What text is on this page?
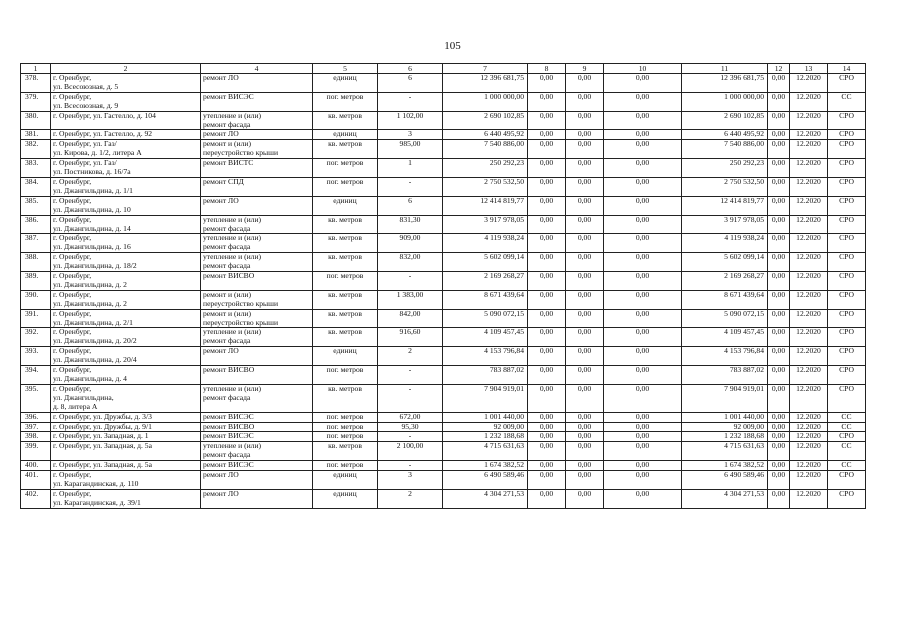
105
1	2	4	5	6	7	8	9	10	11	12	13	14
378.	г. Оренбург,
ул. Всесоюзная, д. 5	ремонт ЛО	единиц	6	12 396 681,75	0,00	0,00	0,00	12 396 681,75	0,00	12.2020	СРО
379.	г. Оренбург,
ул. Всесоюзная, д. 9	ремонт ВИСЭС	пог. метров	-	1 000 000,00	0,00	0,00	0,00	1 000 000,00	0,00	12.2020	СС
380.	г. Оренбург, ул. Гастелло, д. 104	утепление и (или)
ремонт фасада	кв. метров	1 102,00	2 690 102,85	0,00	0,00	0,00	2 690 102,85	0,00	12.2020	СРО
381.	г. Оренбург, ул. Гастелло, д. 92	ремонт ЛО	единиц	3	6 440 495,92	0,00	0,00	0,00	6 440 495,92	0,00	12.2020	СРО
382.	г. Оренбург, ул. Газ/
ул. Кирова, д. 1/2, литера А	ремонт и (или)
переустройство крыши	кв. метров	985,00	7 540 886,00	0,00	0,00	0,00	7 540 886,00	0,00	12.2020	СРО
383.	г. Оренбург, ул. Газ/
ул. Постникова, д. 16/7а	ремонт ВИСТС	пог. метров	1	250 292,23	0,00	0,00	0,00	250 292,23	0,00	12.2020	СРО
384.	г. Оренбург,
ул. Джангильдина, д. 1/1	ремонт СПД	пог. метров	-	2 750 532,50	0,00	0,00	0,00	2 750 532,50	0,00	12.2020	СРО
385.	г. Оренбург,
ул. Джангильдина, д. 10	ремонт ЛО	единиц	6	12 414 819,77	0,00	0,00	0,00	12 414 819,77	0,00	12.2020	СРО
386.	г. Оренбург,
ул. Джангильдина, д. 14	утепление и (или)
ремонт фасада	кв. метров	831,30	3 917 978,05	0,00	0,00	0,00	3 917 978,05	0,00	12.2020	СРО
387.	г. Оренбург,
ул. Джангильдина, д. 16	утепление и (или)
ремонт фасада	кв. метров	909,00	4 119 938,24	0,00	0,00	0,00	4 119 938,24	0,00	12.2020	СРО
388.	г. Оренбург,
ул. Джангильдина, д. 18/2	утепление и (или)
ремонт фасада	кв. метров	832,00	5 602 099,14	0,00	0,00	0,00	5 602 099,14	0,00	12.2020	СРО
389.	г. Оренбург,
ул. Джангильдина, д. 2	ремонт ВИСВО	пог. метров	-	2 169 268,27	0,00	0,00	0,00	2 169 268,27	0,00	12.2020	СРО
390.	г. Оренбург,
ул. Джангильдина, д. 2	ремонт и (или)
переустройство крыши	кв. метров	1 383,00	8 671 439,64	0,00	0,00	0,00	8 671 439,64	0,00	12.2020	СРО
391.	г. Оренбург,
ул. Джангильдина, д. 2/1	ремонт и (или)
переустройство крыши	кв. метров	842,00	5 090 072,15	0,00	0,00	0,00	5 090 072,15	0,00	12.2020	СРО
392.	г. Оренбург,
ул. Джангильдина, д. 20/2	утепление и (или)
ремонт фасада	кв. метров	916,60	4 109 457,45	0,00	0,00	0,00	4 109 457,45	0,00	12.2020	СРО
393.	г. Оренбург,
ул. Джангильдина, д. 20/4	ремонт ЛО	единиц	2	4 153 796,84	0,00	0,00	0,00	4 153 796,84	0,00	12.2020	СРО
394.	г. Оренбург,
ул. Джангильдина, д. 4	ремонт ВИСВО	пог. метров	-	783 887,02	0,00	0,00	0,00	783 887,02	0,00	12.2020	СРО
395.	г. Оренбург,
ул. Джангильдина,
д. 8, литера А	утепление и (или)
ремонт фасада	кв. метров	-	7 904 919,01	0,00	0,00	0,00	7 904 919,01	0,00	12.2020	СРО
396.	г. Оренбург, ул. Дружбы, д. 3/3	ремонт ВИСЭС	пог. метров	672,00	1 001 440,00	0,00	0,00	0,00	1 001 440,00	0,00	12.2020	СС
397.	г. Оренбург, ул. Дружбы, д. 9/1	ремонт ВИСВО	пог. метров	95,30	92 009,00	0,00	0,00	0,00	92 009,00	0,00	12.2020	СС
398.	г. Оренбург, ул. Западная, д. 1	ремонт ВИСЭС	пог. метров	-	1 232 188,68	0,00	0,00	0,00	1 232 188,68	0,00	12.2020	СРО
399.	г. Оренбург, ул. Западная, д. 5а	утепление и (или)
ремонт фасада	кв. метров	2 100,00	4 715 631,63	0,00	0,00	0,00	4 715 631,63	0,00	12.2020	СС
400.	г. Оренбург, ул. Западная, д. 5а	ремонт ВИСЭС	пог. метров	-	1 674 382,52	0,00	0,00	0,00	1 674 382,52	0,00	12.2020	СС
401.	г. Оренбург,
ул. Карагандинская, д. 110	ремонт ЛО	единиц	3	6 490 589,46	0,00	0,00	0,00	6 490 589,46	0,00	12.2020	СРО
402.	г. Оренбург,
ул. Карагандинская, д. 39/1	ремонт ЛО	единиц	2	4 304 271,53	0,00	0,00	0,00	4 304 271,53	0,00	12.2020	СРО
